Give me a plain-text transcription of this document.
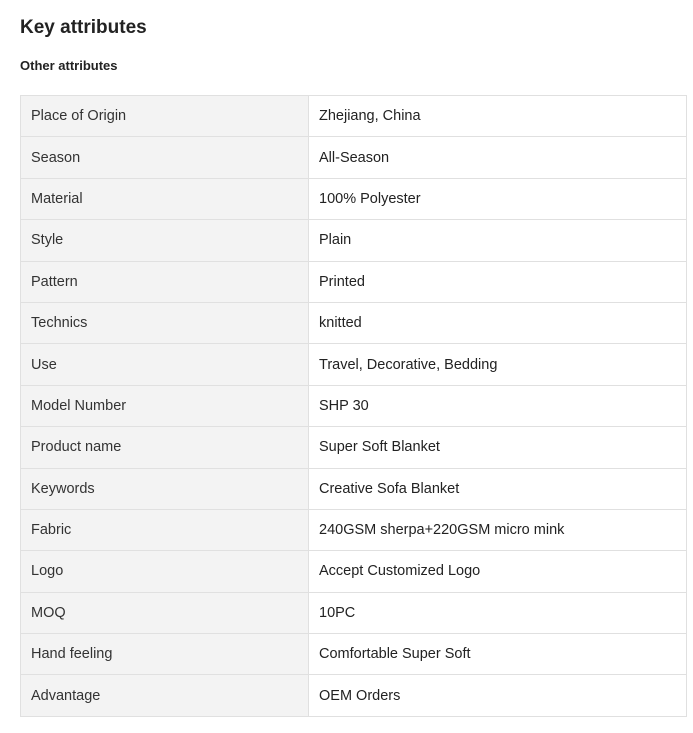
Key attributes
Other attributes
Place of Origin	Zhejiang, China
Season	All-Season
Material	100% Polyester
Style	Plain
Pattern	Printed
Technics	knitted
Use	Travel, Decorative, Bedding
Model Number	SHP 30
Product name	Super Soft Blanket
Keywords	Creative Sofa Blanket
Fabric	240GSM sherpa+220GSM micro mink
Logo	Accept Customized Logo
MOQ	10PC
Hand feeling	Comfortable Super Soft
Advantage	OEM Orders
